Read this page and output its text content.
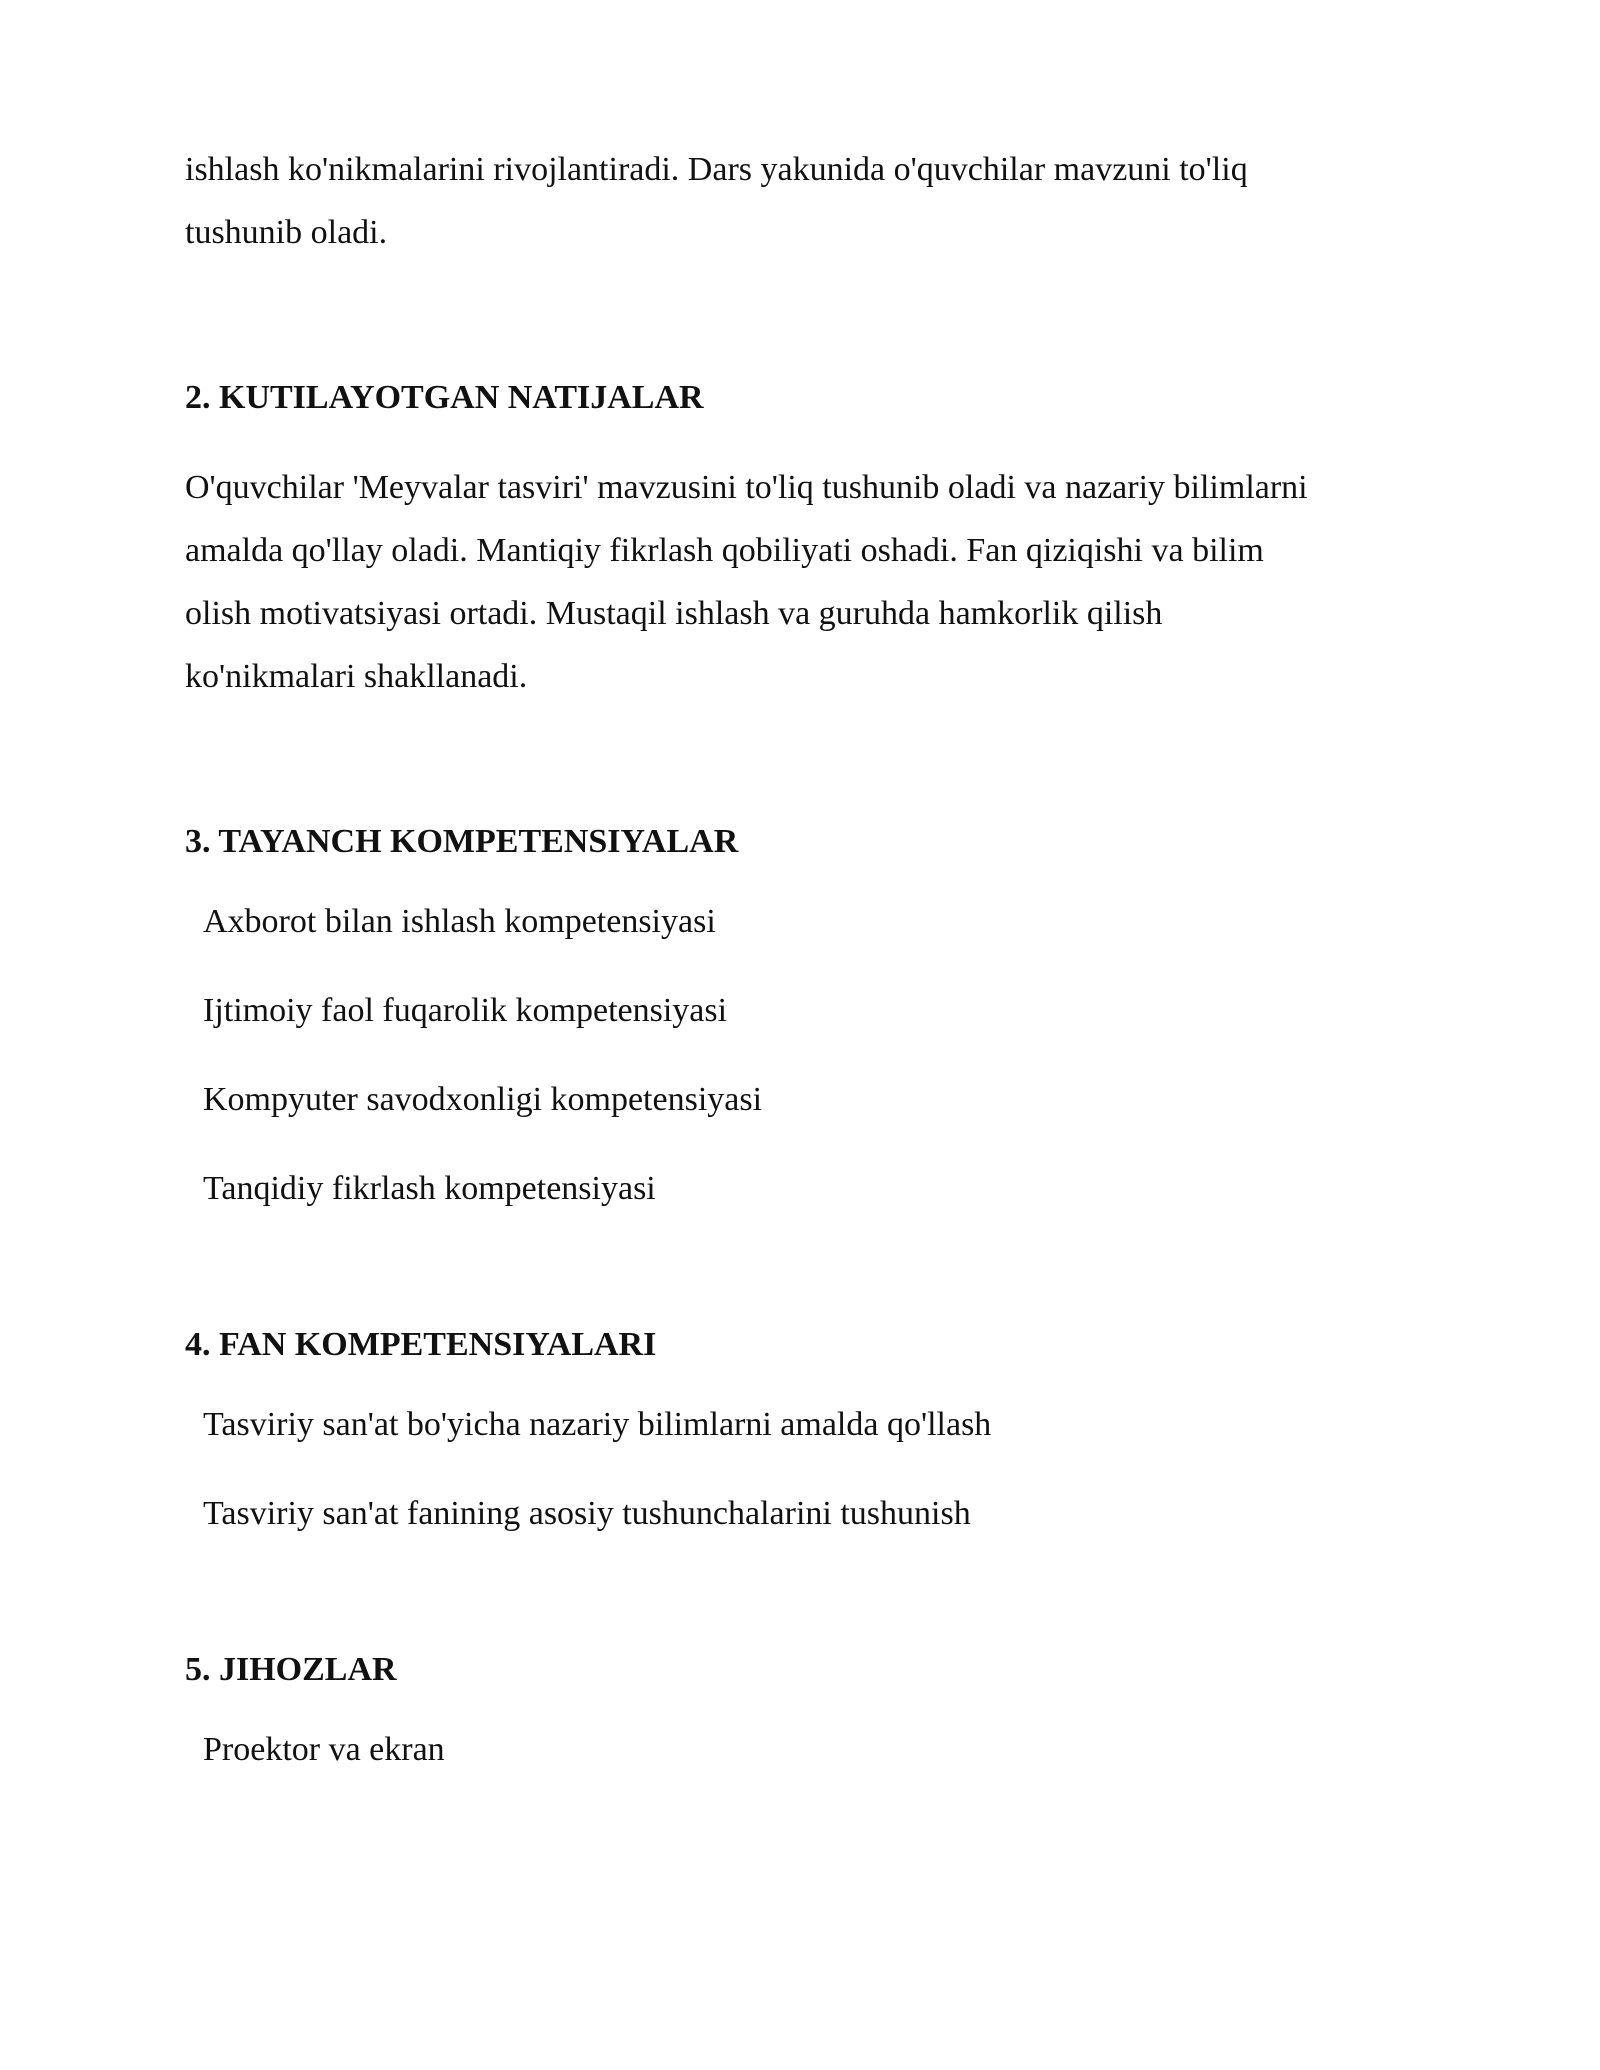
ishlash ko'nikmalarini rivojlantiradi. Dars yakunida o'quvchilar mavzuni to'liq
tushunib oladi.
2. KUTILAYOTGAN NATIJALAR
O'quvchilar 'Meyvalar tasviri' mavzusini to'liq tushunib oladi va nazariy bilimlarni
amalda qo'llay oladi. Mantiqiy fikrlash qobiliyati oshadi. Fan qiziqishi va bilim
olish motivatsiyasi ortadi. Mustaqil ishlash va guruhda hamkorlik qilish
ko'nikmalari shakllanadi.
3. TAYANCH KOMPETENSIYALAR
Axborot bilan ishlash kompetensiyasi
Ijtimoiy faol fuqarolik kompetensiyasi
Kompyuter savodxonligi kompetensiyasi
Tanqidiy fikrlash kompetensiyasi
4. FAN KOMPETENSIYALARI
Tasviriy san'at bo'yicha nazariy bilimlarni amalda qo'llash
Tasviriy san'at fanining asosiy tushunchalarini tushunish
5. JIHOZLAR
Proektor va ekran
